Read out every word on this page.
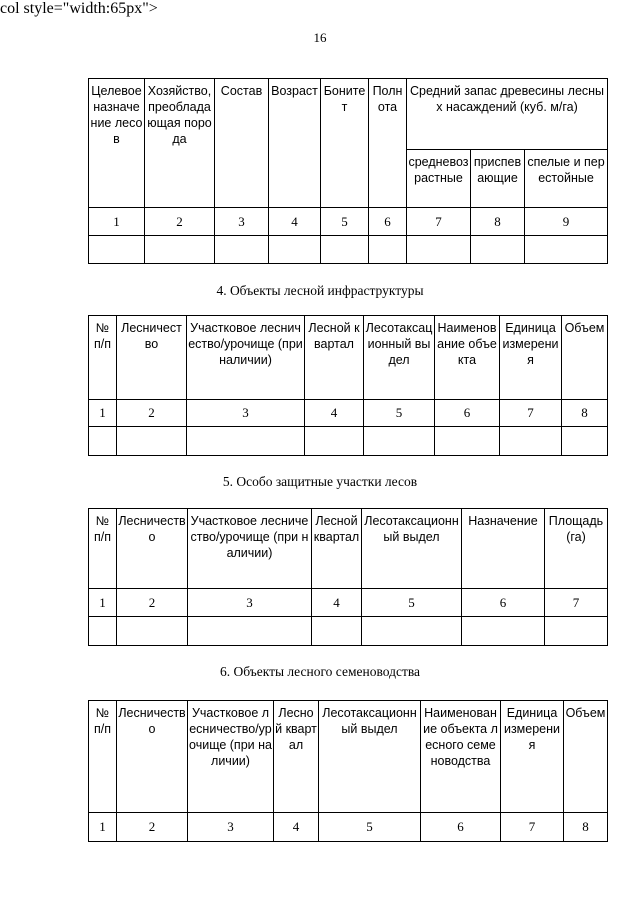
16
Целевое назначение лесов	Хозяйство, преобладающая порода	Состав	Возраст	Бонитет	Полнота	Средний запас древесины лесных насаждений (куб. м/га)		
						средневозрастные	приспевающие	спелые и перестойные
1	2	3	4	5	6	7	8	9

4. Объекты лесной инфраструктуры
col style="width:65px">
№ п/п	Лесничество	Участковое лесничество/урочище (при наличии)	Лесной квартал	Лесотаксационный выдел	Наименование объекта	Единица измерения	Объем
1	2	3	4	5	6	7	8

5. Особо защитные участки лесов
№ п/п	Лесничество	Участковое лесничество/урочище (при наличии)	Лесной квартал	Лесотаксационный выдел	Назначение	Площадь (га)
1	2	3	4	5	6	7

6. Объекты лесного семеноводства
№ п/п	Лесничество	Участковое лесничество/урочище (при наличии)	Лесной квартал	Лесотаксационный выдел	Наименование объекта лесного семеноводства	Единица измерения	Объем
1	2	3	4	5	6	7	8
